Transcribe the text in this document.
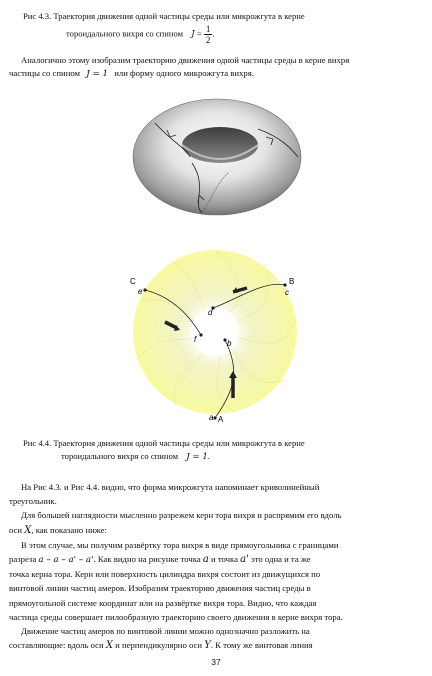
Рис 4.3. Траектория движения одной частицы среды или микрожгута в керне
тороидального вихря со спином $J = \frac{1}{2}$ .
Аналогично этому изобразим траекторию движения одной частицы среды в керне вихря
частицы со спином J = 1 или форму одного микрожгута вихря.
C
e
B
c
d
f	b
a A
Рис 4.4. Траектория движения одной частицы среды или микрожгута в керне
тороидального вихря со спином J = 1.
На Рис 4.3. и Рис 4.4. видно, что форма микрожгута напоминает криволинейный
треугольник.
Для большей наглядности мысленно разрежем керн тора вихря и распрямим его вдоль
оси X, как показано ниже:
В этом случае, мы получим развёртку тора вихря в виде прямоугольника с границами
разреза a – a – a' – a'. Как видно на рисунке точка a и точка a' это одна и та же
точка керна тора. Керн или поверхность цилиндра вихря состоит из движущихся по
винтовой линии частиц амеров. Изобразим траекторию движения частиц среды в
прямоугольной системе координат или на развёртке вихря тора. Видно, что каждая
частица среды совершает пилообразную траекторию своего движения в керне вихря тора.
Движение частиц амеров по винтовой линии можно однозначно разложить на
составляющие: вдоль оси X и перпендикулярно оси Y. К тому же винтовая линия
37
